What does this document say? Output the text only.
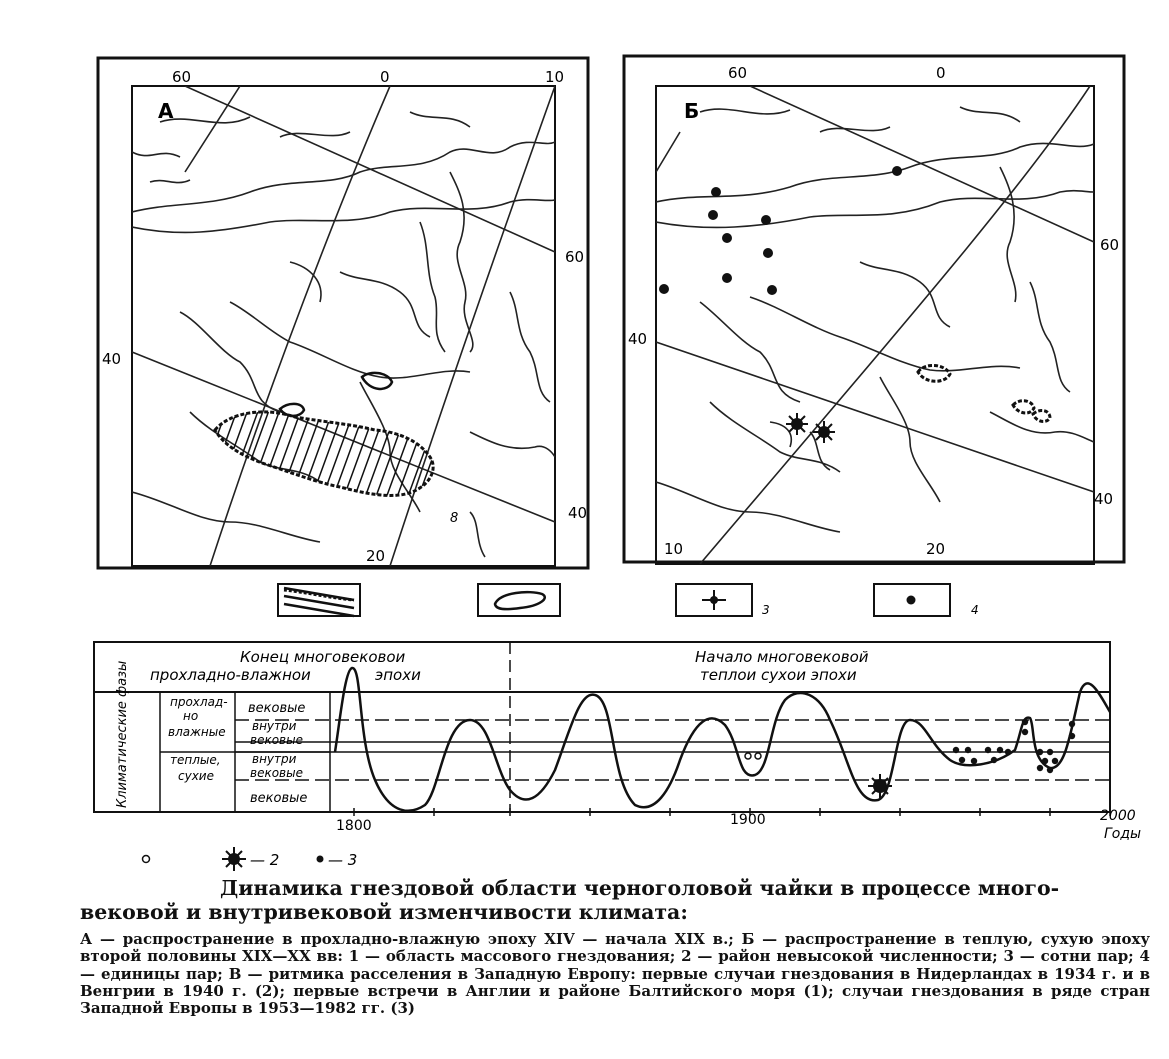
А
60	0	10
60
40
40
20
8
Б
60	0
60
40
40
10	20
3	4
Конец многовековои
прохладно-влажнои	эпохи
Начало многовековой
теплои сухои эпохи
Климатические фазы	прохлад-но влажные
теплые, сухие
вековые
внутри вековые
внутри вековые
вековые
1800	1900	2000
Годы
— 2	— 3
Динамика гнездовой области черноголовой чайки в процессе много-
вековой и внутривековой изменчивости климата:
А — распространение в прохладно-влажную эпоху XIV — начала XIX в.; Б — распространение в теплую, сухую эпоху второй половины XIX—XX вв: 1 — область массового гнездования; 2 — район невысокой численности; 3 — сотни пар; 4 — единицы пар; В — ритмика расселения в Западную Европу: первые случаи гнездования в Нидерландах в 1934 г. и в Венгрии в 1940 г. (2); первые встречи в Англии и районе Балтийского моря (1); случаи гнездования в ряде стран Западной Европы в 1953—1982 гг. (3)
